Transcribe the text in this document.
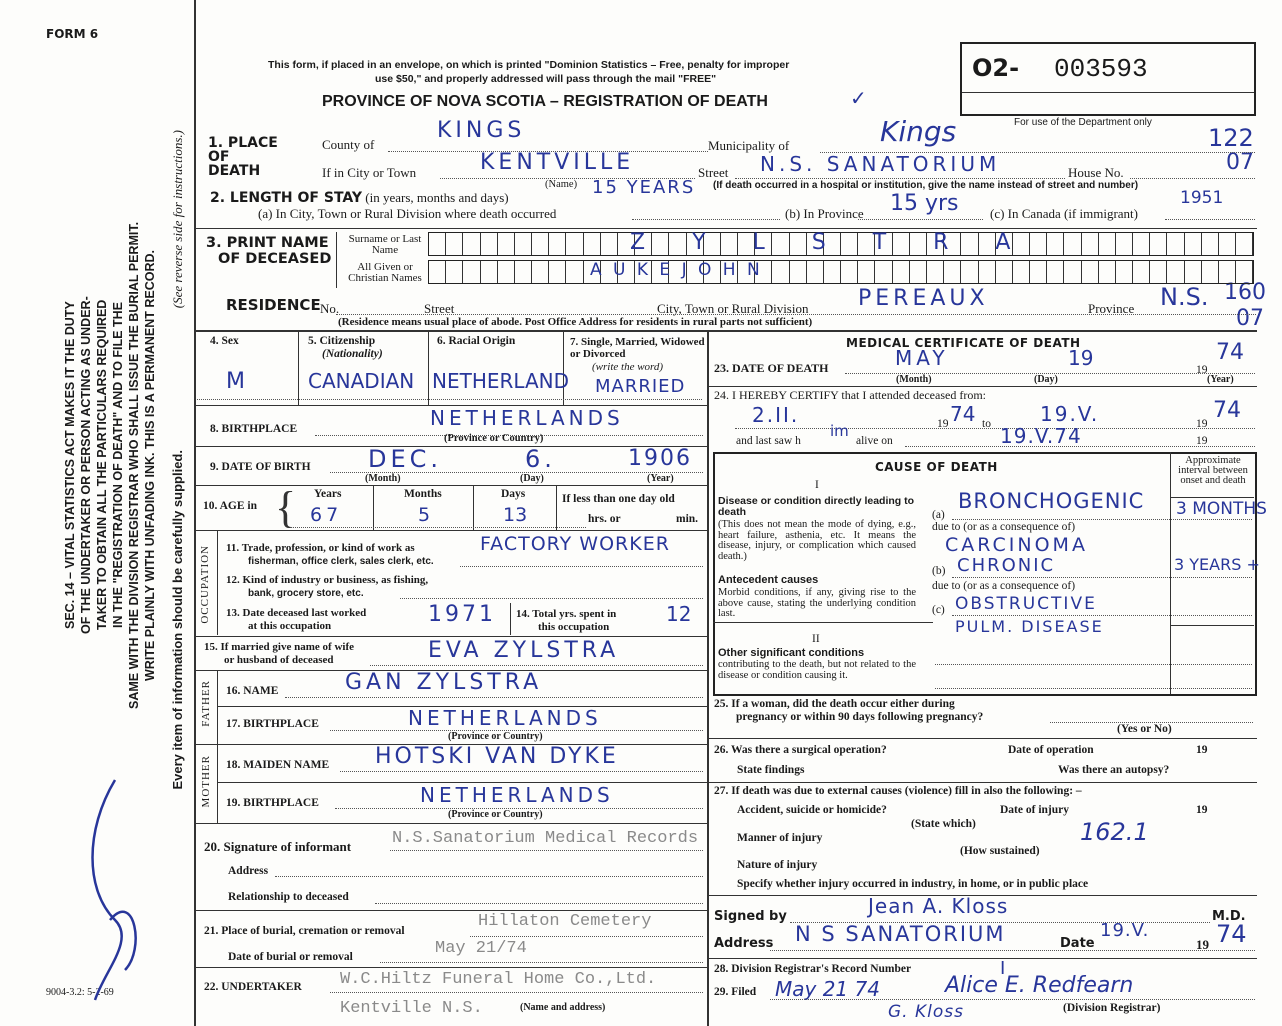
FORM 6
9004-3.2: 5-2-69
SEC. 14 – VITAL STATISTICS ACT MAKES IT THE DUTY OF THE UNDERTAKER OR PERSON ACTING AS UNDER- TAKER TO OBTAIN ALL THE PARTICULARS REQUIRED IN THE "REGISTRATION OF DEATH" AND TO FILE THE SAME WITH THE DIVISION REGISTRAR WHO SHALL ISSUE THE BURIAL PERMIT. WRITE PLAINLY WITH UNFADING INK. THIS IS A PERMANENT RECORD. Every item of information should be carefully supplied.
(See reverse side for instructions.)
This form, if placed in an envelope, on which is printed "Dominion Statistics – Free, penalty for improper
use $50," and properly addressed will pass through the mail "FREE"
PROVINCE OF NOVA SCOTIA – REGISTRATION OF DEATH	✓
O2- 003593
For use of the Department only
122
07
160
07
1. PLACE OF DEATH
County of
KINGS
Municipality of	Kings
If in City or Town	KENTVILLE	Street N.S. SANATORIUM	House No.
(Name)	(If death occurred in a hospital or institution, give the name instead of street and number)
2. LENGTH OF STAY (in years, months and days)	15 YEARS
(a) In City, Town or Rural Division where death occurred	(b) In Province 15 yrs (c) In Canada (if immigrant)
1951
3. PRINT NAME
OF DECEASED
Surname or Last Name
All Given or Christian Names
Z Y L S T R A
A U K E J O H N
RESIDENCE No.	Street	City, Town or Rural Division PEREAUX	Province N.S.
(Residence means usual place of abode. Post Office Address for residents in rural parts not sufficient)
4. Sex
M
5. Citizenship
(Nationality)
CANADIAN
6. Racial Origin
NETHERLAND
7. Single, Married, Widowed or Divorced
(write the word)
MARRIED
8. BIRTHPLACE	NETHERLANDS
(Province or Country)
9. DATE OF BIRTH DEC.	6.	1906
(Month)	(Day)	(Year)
10. AGE in { Years
67
Months
5
Days
13
If less than one day old
hrs. or	min.
OCCUPATION 11. Trade, profession, or kind of work as
fisherman, office clerk, sales clerk, etc.
FACTORY WORKER
12. Kind of industry or business, as fishing,
bank, grocery store, etc.
13. Date deceased last worked
at this occupation	1971 14. Total yrs. spent in
this occupation
12
15. If married give name of wife
or husband of deceased	EVA ZYLSTRA
FATHER 16. NAME	GAN ZYLSTRA
17. BIRTHPLACE	NETHERLANDS
(Province or Country)
MOTHER 18. MAIDEN NAME HOTSKI VAN DYKE
19. BIRTHPLACE	NETHERLANDS
(Province or Country)
20. Signature of informant N.S.Sanatorium Medical Records
Address
Relationship to deceased
21. Place of burial, cremation or removal	Hillaton Cemetery
Date of burial or removal	May 21/74
22. UNDERTAKER W.C.Hiltz Funeral Home Co.,Ltd.
(Name and address)
Kentville N.S.
MEDICAL CERTIFICATE OF DEATH
23. DATE OF DEATH	MAY	19	19
74
(Month)	(Day)	(Year)
24. I HEREBY CERTIFY that I attended deceased from:
2.II.	19 74 to 19.V.	19
74
and last saw h
im
alive on	19.V.74	19
CAUSE OF DEATH	Approximate interval between onset and death
I
Disease or condition directly leading to death
(This does not mean the mode of dying, e.g., heart failure, asthenia, etc. It means the disease, injury, or complication which caused death.)
(a)
BRONCHOGENIC 3 MONTHS
due to (or as a consequence of)
CARCINOMA
Antecedent causes
Morbid conditions, if any, giving rise to the above cause, stating the underlying condition last.
(b) CHRONIC	3 YEARS +
due to (or as a consequence of)
(c) OBSTRUCTIVE
PULM. DISEASE
II
Other significant conditions
contributing to the death, but not related to the disease or condition causing it.
25. If a woman, did the death occur either during
pregnancy or within 90 days following pregnancy?
(Yes or No)
26. Was there a surgical operation?	Date of operation	19
State findings	Was there an autopsy?
27. If death was due to external causes (violence) fill in also the following: –
Accident, suicide or homicide?	Date of injury	19
(State which)
Manner of injury	162.1
(How sustained)
Nature of injury
Specify whether injury occurred in industry, in home, or in public place
Signed by	Jean A. Kloss	M.D.
Address N S SANATORIUM	Date
19.V.
19 74
28. Division Registrar's Record Number	I
29. Filed May 21 74	Alice E. Redfearn
(Division Registrar)
G. Kloss
